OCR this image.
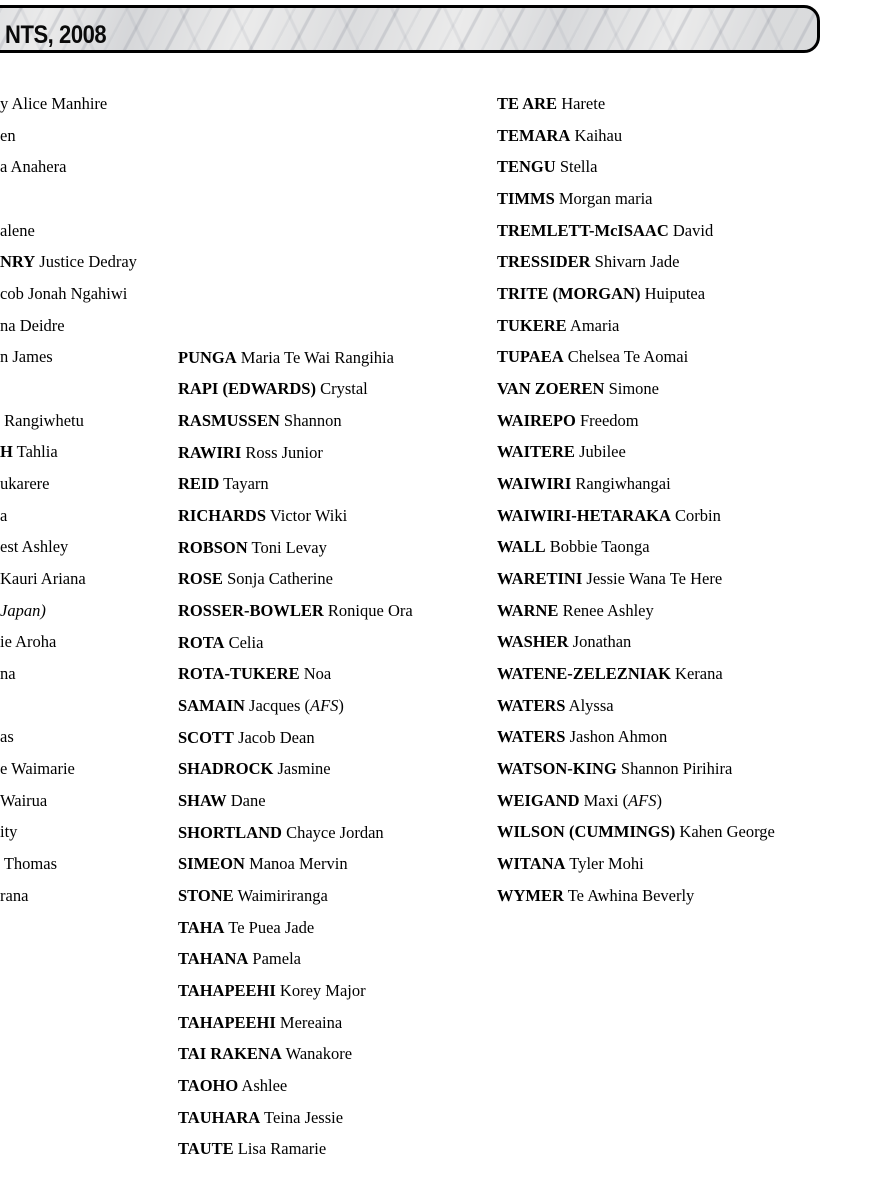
NTS, 2008
y Alice Manhire
en
a Anahera

alene
NRY Justice Dedray
cob Jonah Ngahiwi
na Deidre
n James

Rangiwhetu
H Tahlia
ukarere
a
est Ashley
Kauri Ariana
Japan)
ie Aroha
na

as
e Waimarie
Wairua
ity
Thomas
rana
PUNGA Maria Te Wai Rangihia
RAPI (EDWARDS) Crystal
RASMUSSEN Shannon
RAWIRI Ross Junior
REID Tayarn
RICHARDS Victor Wiki
ROBSON Toni Levay
ROSE Sonja Catherine
ROSSER-BOWLER Ronique Ora
ROTA Celia
ROTA-TUKERE Noa
SAMAIN Jacques (AFS)
SCOTT Jacob Dean
SHADROCK Jasmine
SHAW Dane
SHORTLAND Chayce Jordan
SIMEON Manoa Mervin
STONE Waimiriranga
TAHA Te Puea Jade
TAHANA Pamela
TAHAPEEHI Korey Major
TAHAPEEHI Mereaina
TAI RAKENA Wanakore
TAOHO Ashlee
TAUHARA Teina Jessie
TAUTE Lisa Ramarie
TE ARE Harete
TEMARA Kaihau
TENGU Stella
TIMMS Morgan maria
TREMLETT-McISAAC David
TRESSIDER Shivarn Jade
TRITE (MORGAN) Huiputea
TUKERE Amaria
TUPAEA Chelsea Te Aomai
VAN ZOEREN Simone
WAIREPO Freedom
WAITERE Jubilee
WAIWIRI Rangiwhangai
WAIWIRI-HETARAKA Corbin
WALL Bobbie Taonga
WARETINI Jessie Wana Te Here
WARNE Renee Ashley
WASHER Jonathan
WATENE-ZELEZNIAK Kerana
WATERS Alyssa
WATERS Jashon Ahmon
WATSON-KING Shannon Pirihira
WEIGAND Maxi (AFS)
WILSON (CUMMINGS) Kahen George
WITANA Tyler Mohi
WYMER Te Awhina Beverly
